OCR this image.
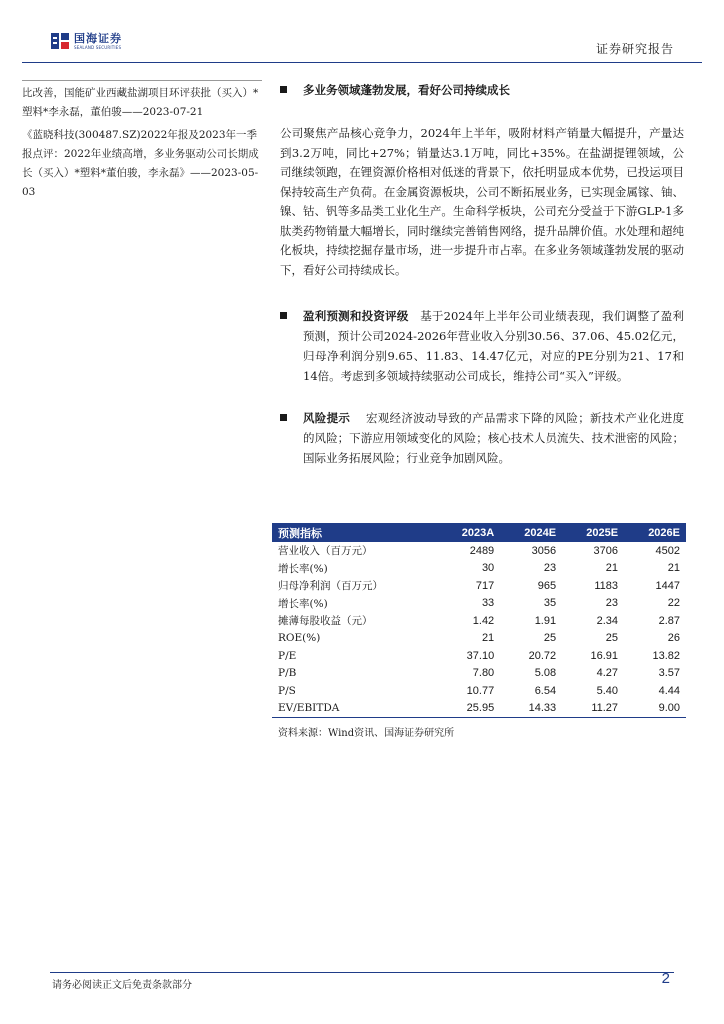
国海证券
SEALAND SECURITIES	证券研究报告
比改善，国能矿业西藏盐湖项目环评获批（买入）*塑料*李永磊，董伯骏——2023-07-21
《蓝晓科技(300487.SZ)2022年报及2023年一季报点评：2022年业绩高增，多业务驱动公司长期成长（买入）*塑料*董伯骏，李永磊》——2023-05-03
多业务领域蓬勃发展，看好公司持续成长
公司聚焦产品核心竞争力，2024年上半年，吸附材料产销量大幅提升，产量达到3.2万吨，同比+27%；销量达3.1万吨，同比+35%。在盐湖提锂领域，公司继续领跑，在锂资源价格相对低迷的背景下，依托明显成本优势，已投运项目保持较高生产负荷。在金属资源板块，公司不断拓展业务，已实现金属镓、铀、镍、钴、钒等多品类工业化生产。生命科学板块，公司充分受益于下游GLP-1多肽类药物销量大幅增长，同时继续完善销售网络，提升品牌价值。水处理和超纯化板块，持续挖掘存量市场，进一步提升市占率。在多业务领域蓬勃发展的驱动下，看好公司持续成长。
盈利预测和投资评级 基于2024年上半年公司业绩表现，我们调整了盈利预测，预计公司2024-2026年营业收入分别30.56、37.06、45.02亿元，归母净利润分别9.65、11.83、14.47亿元，对应的PE分别为21、17和14倍。考虑到多领域持续驱动公司成长，维持公司“买入”评级。
风险提示 宏观经济波动导致的产品需求下降的风险；新技术产业化进度的风险；下游应用领域变化的风险；核心技术人员流失、技术泄密的风险；国际业务拓展风险；行业竞争加剧风险。
预测指标	2023A	2024E	2025E	2026E
营业收入（百万元）	2489	3056	3706	4502
增长率(%)	30	23	21	21
归母净利润（百万元）	717	965	1183	1447
增长率(%)	33	35	23	22
摊薄每股收益（元）	1.42	1.91	2.34	2.87
ROE(%)	21	25	25	26
P/E	37.10	20.72	16.91	13.82
P/B	7.80	5.08	4.27	3.57
P/S	10.77	6.54	5.40	4.44
EV/EBITDA	25.95	14.33	11.27	9.00
资料来源：Wind资讯、国海证券研究所
请务必阅读正文后免责条款部分	2
